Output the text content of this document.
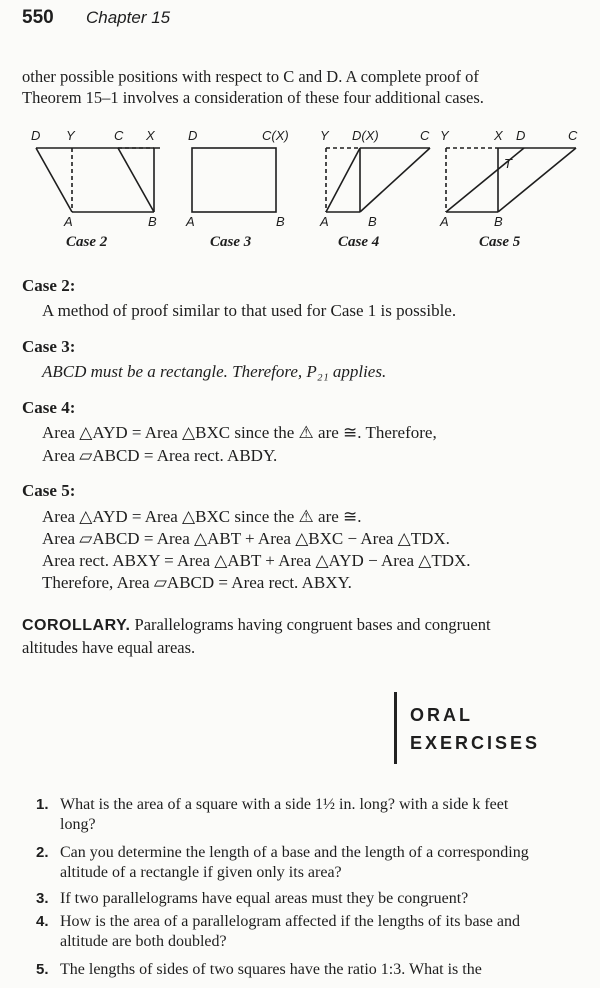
550 Chapter 15

other possible positions with respect to C and D. A complete proof of

Theorem 15–1 involves a consideration of these four additional cases.

D Y	C X
A	B
D	C(X)
A	B
Y D(X)	C
A	B
Y	X D	C
T
A	B
Case 2	Case 3	Case 4	Case 5
Case 2:
A method of proof similar to that used for Case 1 is possible.
Case 3:
ABCD must be a rectangle. Therefore, P₂₁ applies.
Case 4:
Area △AYD = Area △BXC since the ⚠ are ≅. Therefore,
Area ▱ABCD = Area rect. ABDY.
Case 5:
Area △AYD = Area △BXC since the ⚠ are ≅.
Area ▱ABCD = Area △ABT + Area △BXC − Area △TDX.
Area rect. ABXY = Area △ABT + Area △AYD − Area △TDX.
Therefore, Area ▱ABCD = Area rect. ABXY.
COROLLARY. Parallelograms having congruent bases and congruent
altitudes have equal areas.
ORAL
EXERCISES
1. What is the area of a square with a side 1½ in. long? with a side k feet
long?
2. Can you determine the length of a base and the length of a corresponding
altitude of a rectangle if given only its area?
3. If two parallelograms have equal areas must they be congruent?
4. How is the area of a parallelogram affected if the lengths of its base and
altitude are both doubled?
5. The lengths of sides of two squares have the ratio 1:3. What is the
